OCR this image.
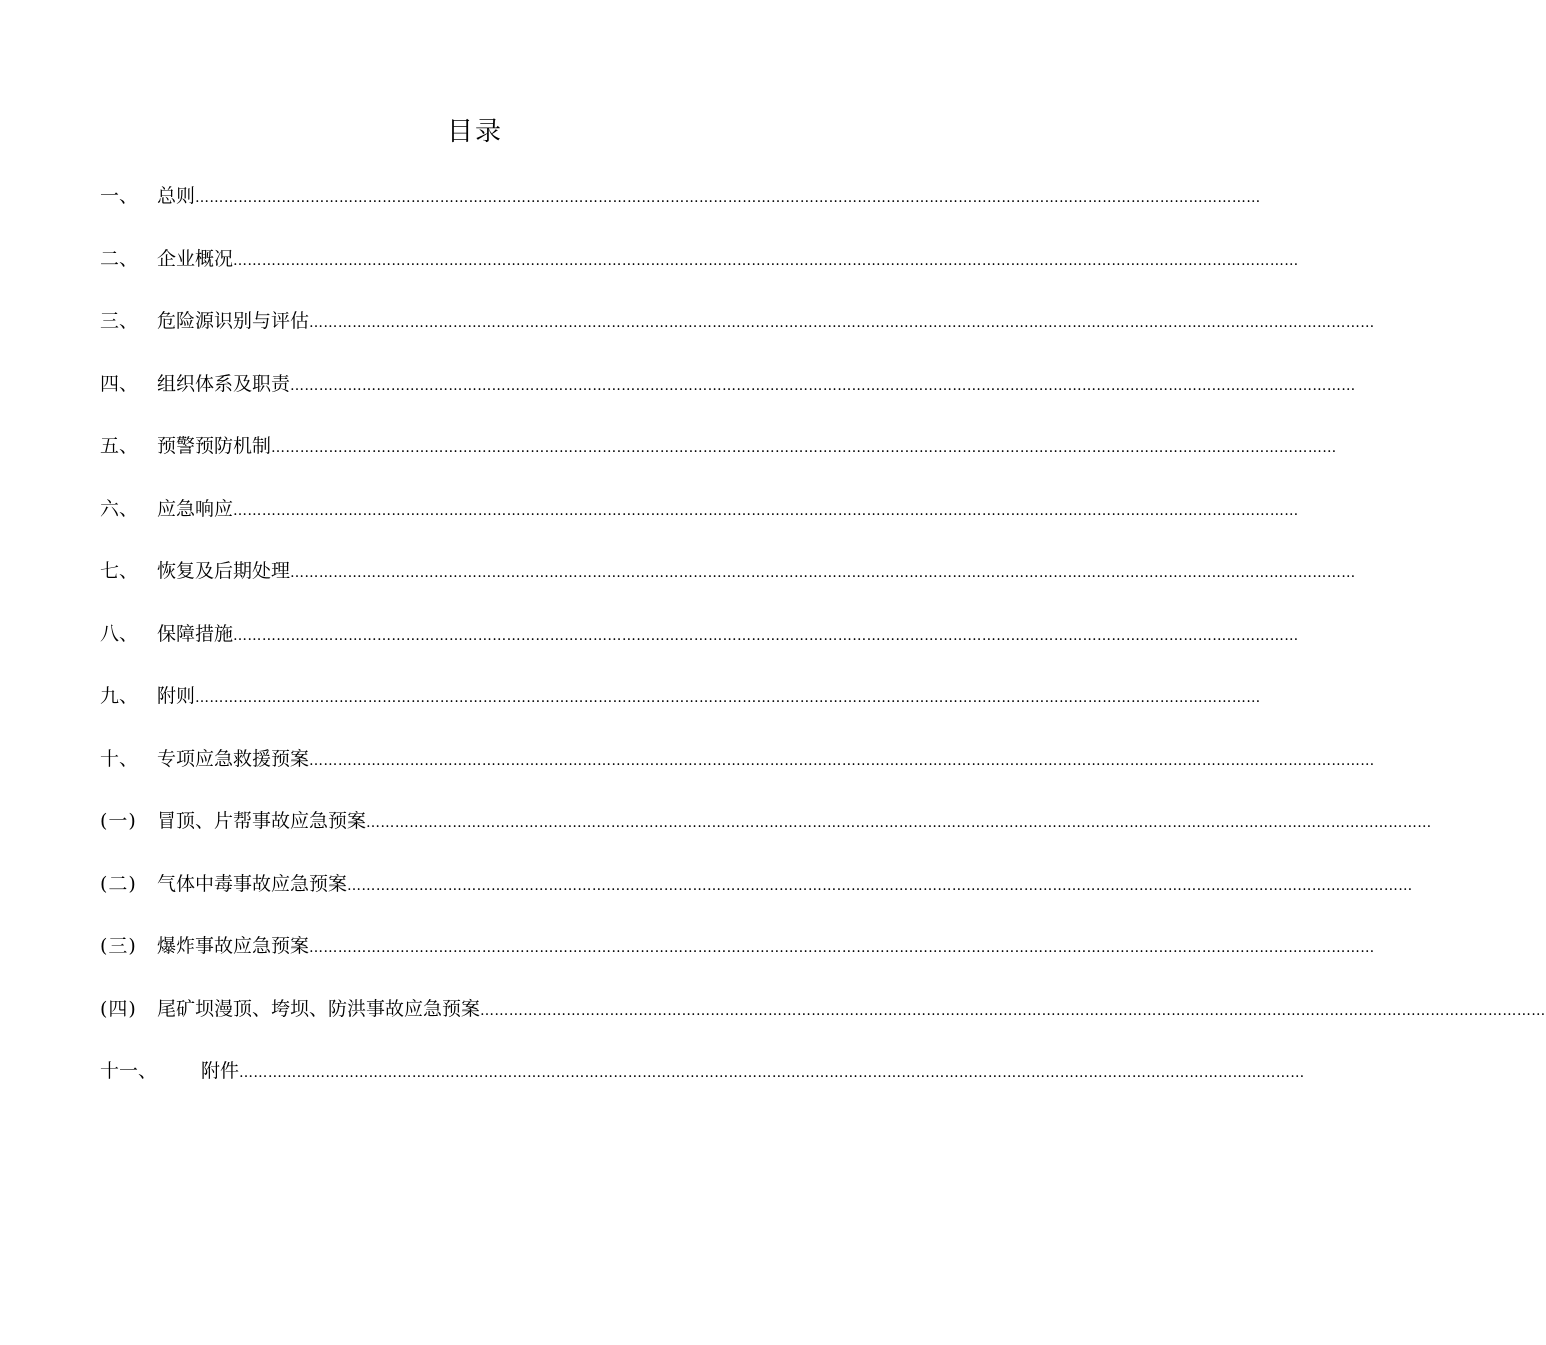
目录
一、 总则 ……………………………………………………………………………………………………………………………………………………………………………………………………
二、 企业概况 ……………………………………………………………………………………………………………………………………………………………………………………………………
三、 危险源识别与评估 ……………………………………………………………………………………………………………………………………………………………………………………………………
四、 组织体系及职责 ……………………………………………………………………………………………………………………………………………………………………………………………………
五、 预警预防机制 ……………………………………………………………………………………………………………………………………………………………………………………………………
六、 应急响应 ……………………………………………………………………………………………………………………………………………………………………………………………………
七、 恢复及后期处理 ……………………………………………………………………………………………………………………………………………………………………………………………………
八、 保障措施 ……………………………………………………………………………………………………………………………………………………………………………………………………
九、 附则 ……………………………………………………………………………………………………………………………………………………………………………………………………
十、 专项应急救援预案 ……………………………………………………………………………………………………………………………………………………………………………………………………
(一)	冒顶、片帮事故应急预案 ……………………………………………………………………………………………………………………………………………………………………………………………………
(二)	气体中毒事故应急预案 ……………………………………………………………………………………………………………………………………………………………………………………………………
(三)	爆炸事故应急预案 ……………………………………………………………………………………………………………………………………………………………………………………………………
(四)	尾矿坝漫顶、垮坝、防洪事故应急预案 ……………………………………………………………………………………………………………………………………………………………………………………………………
十一、	附件 ……………………………………………………………………………………………………………………………………………………………………………………………………
